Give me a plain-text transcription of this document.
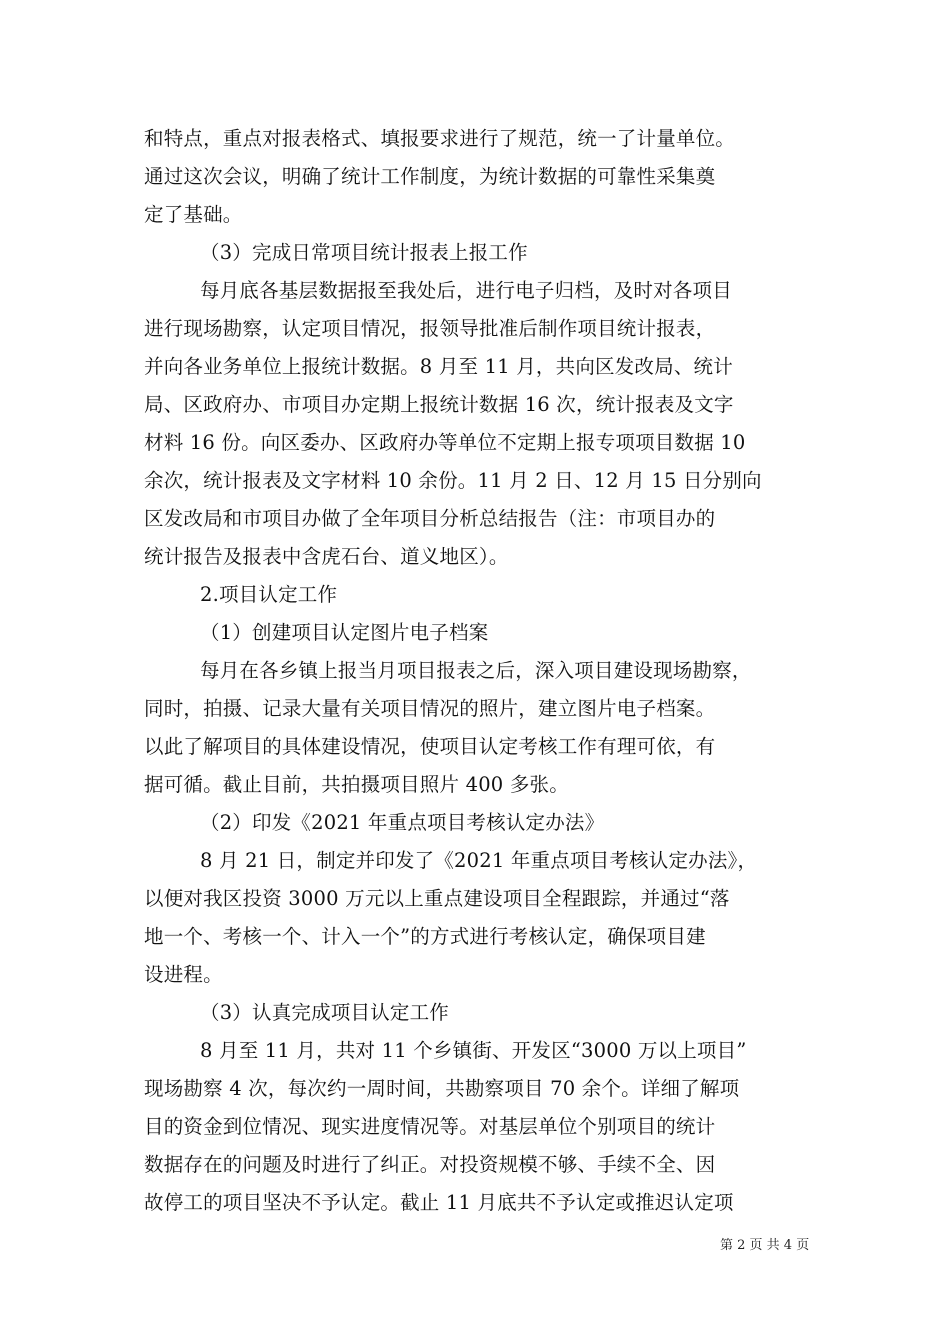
和特点，重点对报表格式、填报要求进行了规范，统一了计量单位。
通过这次会议，明确了统计工作制度，为统计数据的可靠性采集奠
定了基础。
（3）完成日常项目统计报表上报工作
每月底各基层数据报至我处后，进行电子归档，及时对各项目
进行现场勘察，认定项目情况，报领导批准后制作项目统计报表，
并向各业务单位上报统计数据。8 月至 11 月，共向区发改局、统计
局、区政府办、市项目办定期上报统计数据 16 次，统计报表及文字
材料 16 份。向区委办、区政府办等单位不定期上报专项项目数据 10
余次，统计报表及文字材料 10 余份。11 月 2 日、12 月 15 日分别向
区发改局和市项目办做了全年项目分析总结报告（注：市项目办的
统计报告及报表中含虎石台、道义地区）。
2.项目认定工作
（1）创建项目认定图片电子档案
每月在各乡镇上报当月项目报表之后，深入项目建设现场勘察，
同时，拍摄、记录大量有关项目情况的照片，建立图片电子档案。
以此了解项目的具体建设情况，使项目认定考核工作有理可依，有
据可循。截止目前，共拍摄项目照片 400 多张。
（2）印发《2021 年重点项目考核认定办法》
8 月 21 日，制定并印发了《2021 年重点项目考核认定办法》，
以便对我区投资 3000 万元以上重点建设项目全程跟踪，并通过“落
地一个、考核一个、计入一个”的方式进行考核认定，确保项目建
设进程。
（3）认真完成项目认定工作
8 月至 11 月，共对 11 个乡镇街、开发区“3000 万以上项目”
现场勘察 4 次，每次约一周时间，共勘察项目 70 余个。详细了解项
目的资金到位情况、现实进度情况等。对基层单位个别项目的统计
数据存在的问题及时进行了纠正。对投资规模不够、手续不全、因
故停工的项目坚决不予认定。截止 11 月底共不予认定或推迟认定项
第 2 页 共 4 页
